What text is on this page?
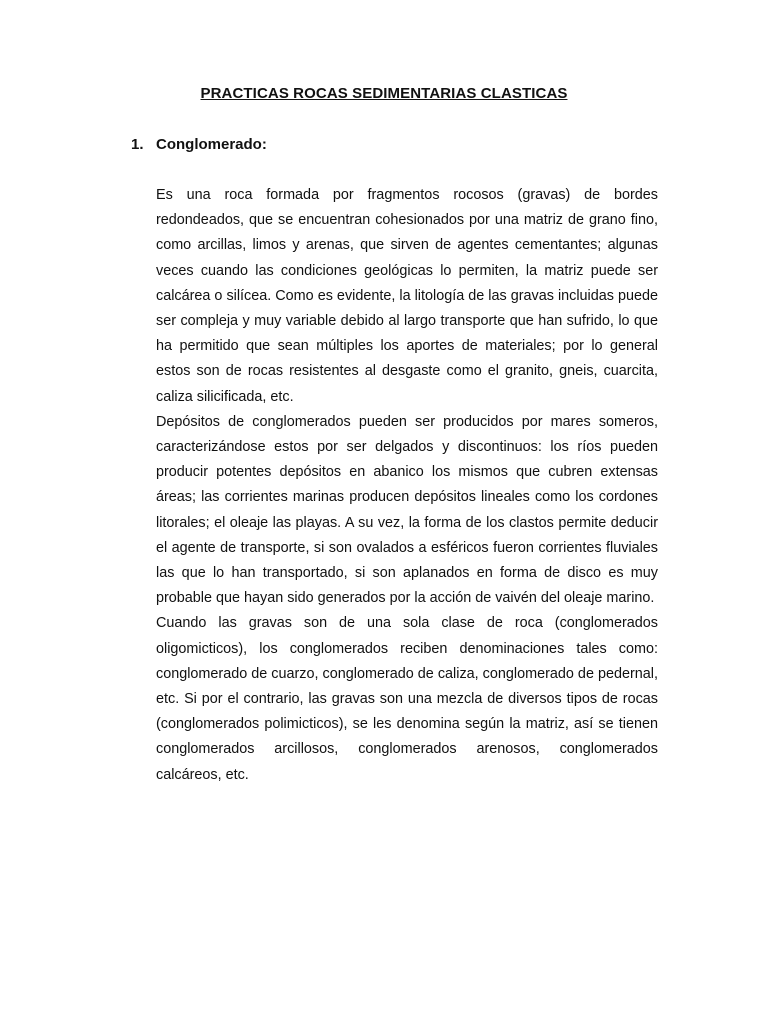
PRACTICAS ROCAS SEDIMENTARIAS CLASTICAS
1. Conglomerado:

Es una roca formada por fragmentos rocosos (gravas) de bordes redondeados, que se encuentran cohesionados por una matriz de grano fino, como arcillas, limos y arenas, que sirven de agentes cementantes; algunas veces cuando las condiciones geológicas lo permiten, la matriz puede ser calcárea o silícea. Como es evidente, la litología de las gravas incluidas puede ser compleja y muy variable debido al largo transporte que han sufrido, lo que ha permitido que sean múltiples los aportes de materiales; por lo general estos son de rocas resistentes al desgaste como el granito, gneis, cuarcita, caliza silicificada, etc.

Depósitos de conglomerados pueden ser producidos por mares someros, caracterizándose estos por ser delgados y discontinuos: los ríos pueden producir potentes depósitos en abanico los mismos que cubren extensas áreas; las corrientes marinas producen depósitos lineales como los cordones litorales; el oleaje las playas. A su vez, la forma de los clastos permite deducir el agente de transporte, si son ovalados a esféricos fueron corrientes fluviales las que lo han transportado, si son aplanados en forma de disco es muy probable que hayan sido generados por la acción de vaivén del oleaje marino.

Cuando las gravas son de una sola clase de roca (conglomerados oligomicticos), los conglomerados reciben denominaciones tales como: conglomerado de cuarzo, conglomerado de caliza, conglomerado de pedernal, etc. Si por el contrario, las gravas son una mezcla de diversos tipos de rocas (conglomerados polimicticos), se les denomina según la matriz, así se tienen conglomerados arcillosos, conglomerados arenosos, conglomerados calcáreos, etc.
